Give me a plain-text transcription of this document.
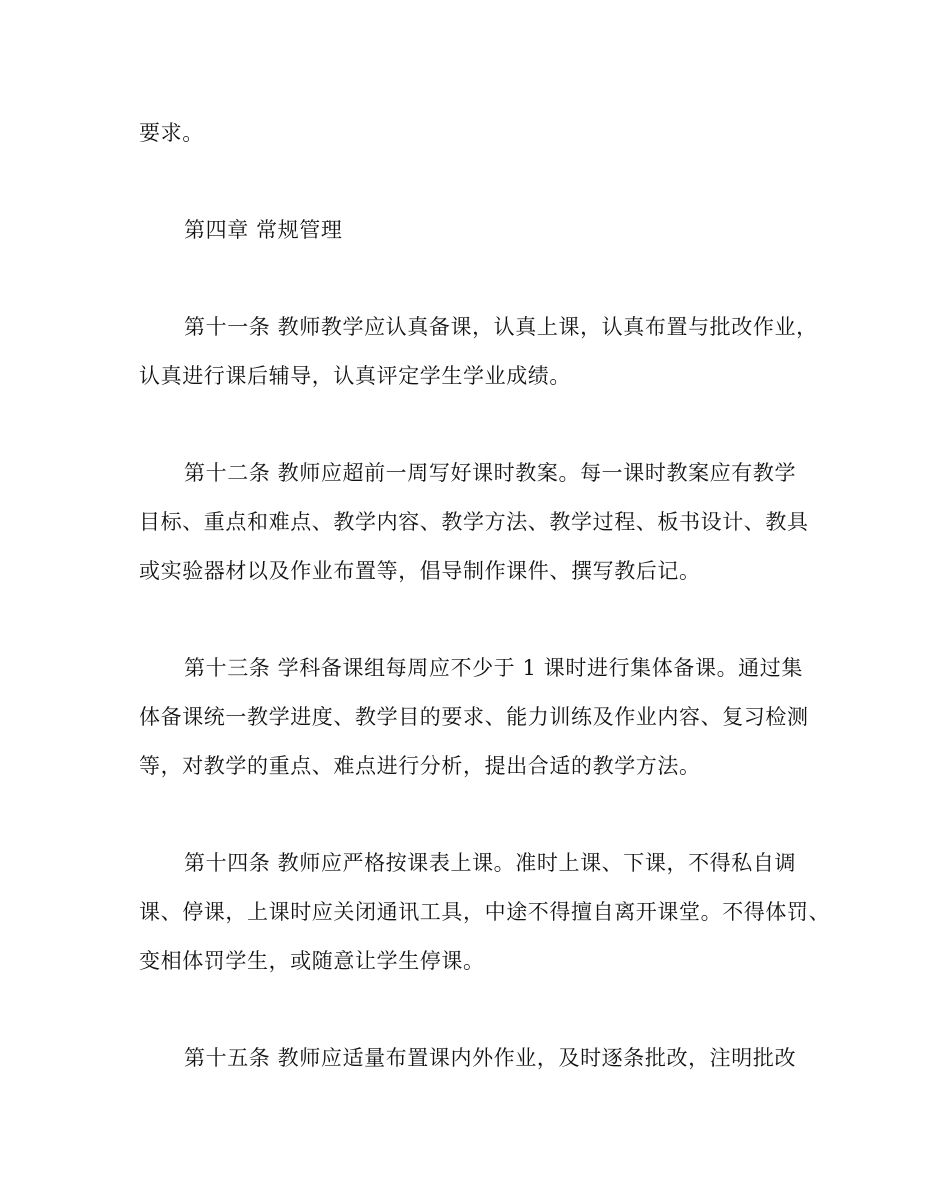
要求。
第四章 常规管理
第十一条 教师教学应认真备课，认真上课，认真布置与批改作业，
认真进行课后辅导，认真评定学生学业成绩。
第十二条 教师应超前一周写好课时教案。每一课时教案应有教学
目标、重点和难点、教学内容、教学方法、教学过程、板书设计、教具
或实验器材以及作业布置等，倡导制作课件、撰写教后记。
第十三条 学科备课组每周应不少于 1 课时进行集体备课。通过集
体备课统一教学进度、教学目的要求、能力训练及作业内容、复习检测
等，对教学的重点、难点进行分析，提出合适的教学方法。
第十四条 教师应严格按课表上课。准时上课、下课，不得私自调
课、停课，上课时应关闭通讯工具，中途不得擅自离开课堂。不得体罚、
变相体罚学生，或随意让学生停课。
第十五条 教师应适量布置课内外作业，及时逐条批改，注明批改
